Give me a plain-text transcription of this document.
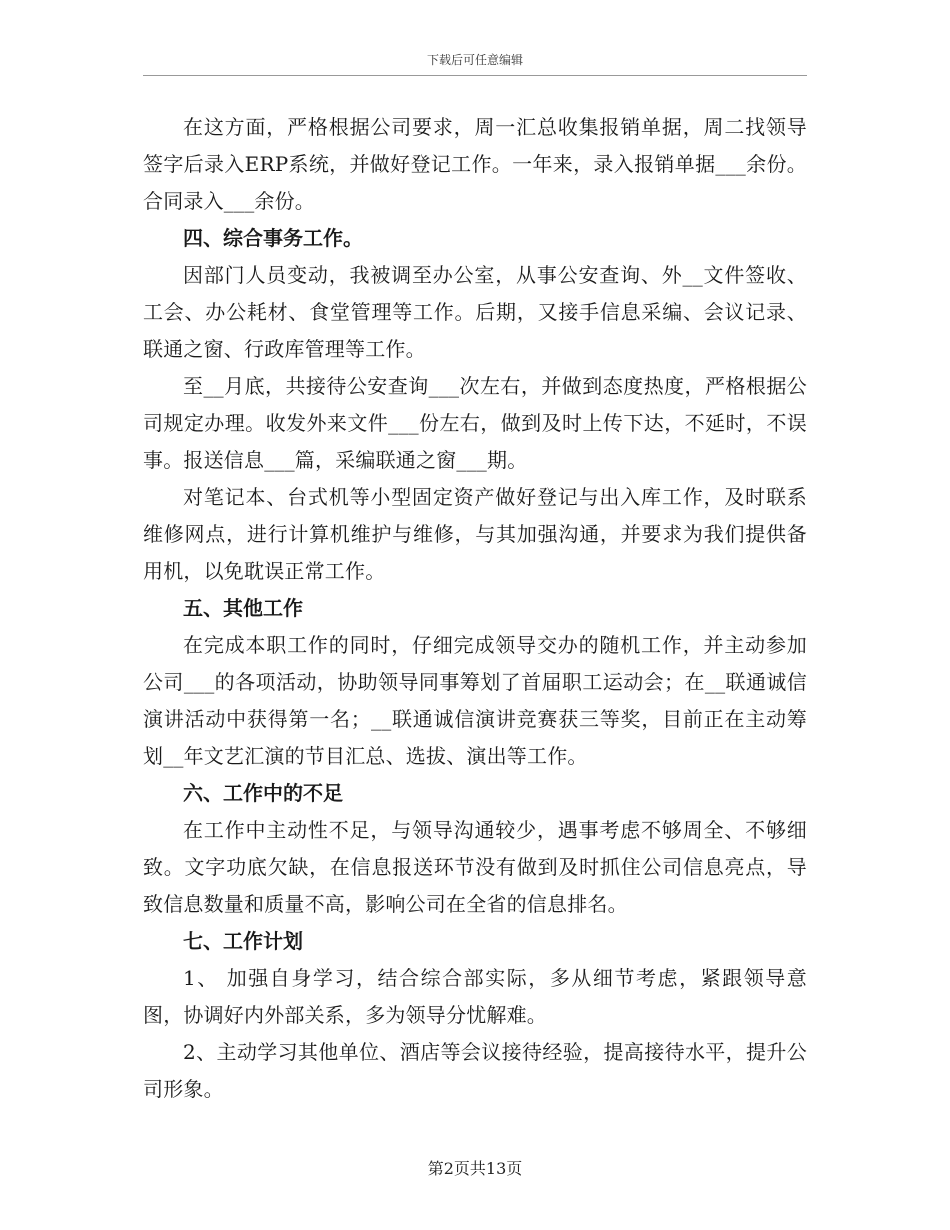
下载后可任意编辑

在这方面，严格根据公司要求，周一汇总收集报销单据，周二找领导签字后录入ERP系统，并做好登记工作。一年来，录入报销单据___余份。合同录入___余份。

四、综合事务工作。

因部门人员变动，我被调至办公室，从事公安查询、外__文件签收、工会、办公耗材、食堂管理等工作。后期，又接手信息采编、会议记录、联通之窗、行政库管理等工作。

至__月底，共接待公安查询___次左右，并做到态度热度，严格根据公司规定办理。收发外来文件___份左右，做到及时上传下达，不延时，不误事。报送信息___篇，采编联通之窗___期。

对笔记本、台式机等小型固定资产做好登记与出入库工作，及时联系维修网点，进行计算机维护与维修，与其加强沟通，并要求为我们提供备用机，以免耽误正常工作。

五、其他工作

在完成本职工作的同时，仔细完成领导交办的随机工作，并主动参加公司___的各项活动，协助领导同事筹划了首届职工运动会；在__联通诚信演讲活动中获得第一名；__联通诚信演讲竞赛获三等奖，目前正在主动筹划__年文艺汇演的节目汇总、选拔、演出等工作。

六、工作中的不足

在工作中主动性不足，与领导沟通较少，遇事考虑不够周全、不够细致。文字功底欠缺，在信息报送环节没有做到及时抓住公司信息亮点，导致信息数量和质量不高，影响公司在全省的信息排名。

七、工作计划

1、 加强自身学习，结合综合部实际，多从细节考虑，紧跟领导意图，协调好内外部关系，多为领导分忧解难。

2、主动学习其他单位、酒店等会议接待经验，提高接待水平，提升公司形象。

第2页共13页
